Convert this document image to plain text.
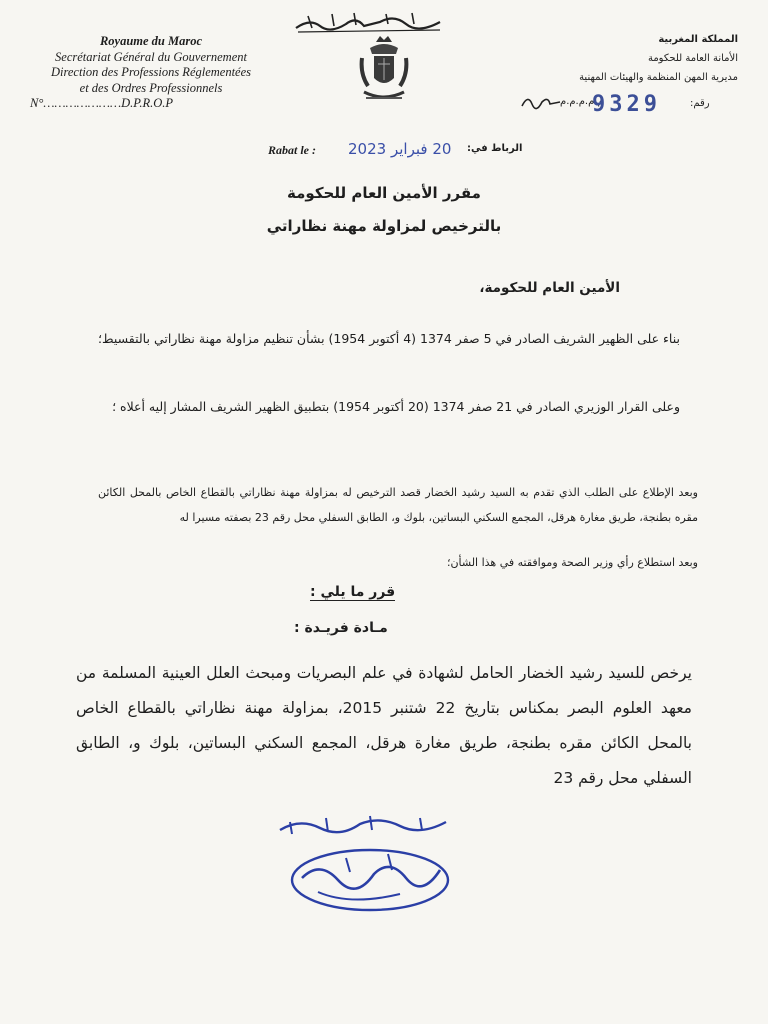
Royaume du Maroc
Secrétariat Général du Gouvernement
Direction des Professions Réglementées
et des Ordres Professionnels
N°…………………D.P.R.O.P
المملكة المغربية
الأمانة العامة للحكومة
مديرية المهن المنظمة والهيئات المهنية
رقم:
م.م.م.م.م
9329
Rabat le : 20 فبراير 2023 الرباط في:
مقرر الأمين العام للحكومة
بالترخيص لمزاولة مهنة نظاراتي
الأمين العام للحكومة،
بناء على الظهير الشريف الصادر في 5 صفر 1374 (4 أكتوبر 1954) بشأن تنظيم مزاولة مهنة نظاراتي بالتقسيط؛
وعلى القرار الوزيري الصادر في 21 صفر 1374 (20 أكتوبر 1954) بتطبيق الظهير الشريف المشار إليه أعلاه ؛
وبعد الإطلاع على الطلب الذي تقدم به السيد رشيد الخضار قصد الترخيص له بمزاولة مهنة نظاراتي بالقطاع الخاص بالمحل الكائن مقره بطنجة، طريق مغارة هرقل، المجمع السكني البساتين، بلوك و، الطابق السفلي محل رقم 23 بصفته مسيرا له
وبعد استطلاع رأي وزير الصحة وموافقته في هذا الشأن؛
قرر ما يلي :
مـادة فريـدة :
يرخص للسيد رشيد الخضار الحامل لشهادة في علم البصريات ومبحث العلل العينية المسلمة من معهد العلوم البصر بمكناس بتاريخ 22 شتنبر 2015، بمزاولة مهنة نظاراتي بالقطاع الخاص بالمحل الكائن مقره بطنجة، طريق مغارة هرقل، المجمع السكني البساتين، بلوك و، الطابق السفلي محل رقم 23
